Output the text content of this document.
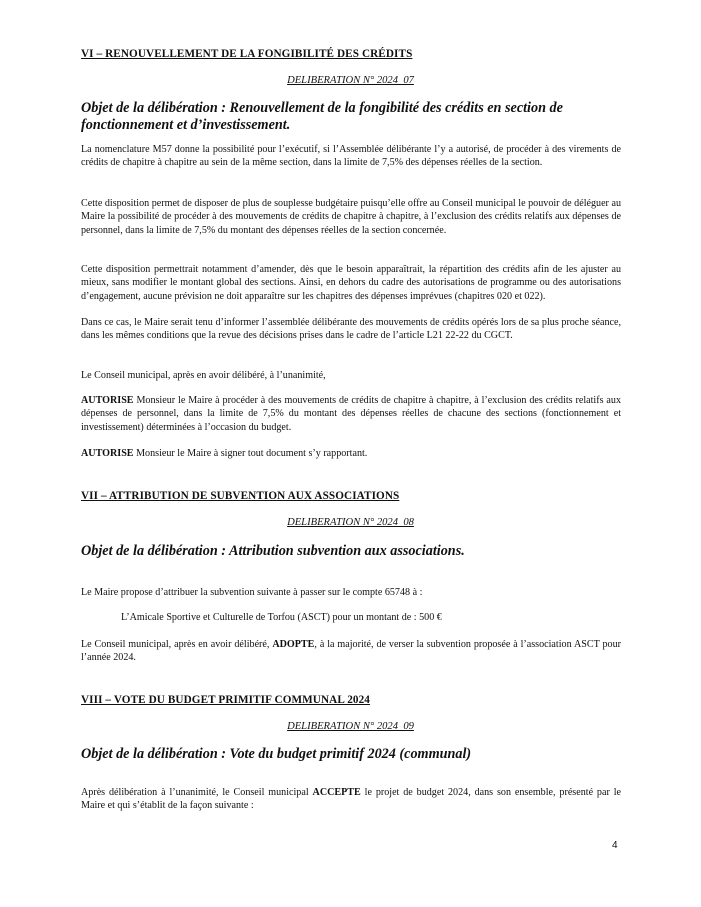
VI – RENOUVELLEMENT DE LA FONGIBILITÉ DES CRÉDITS
DELIBERATION N° 2024_07
Objet de la délibération : Renouvellement de la fongibilité des crédits en section de fonctionnement et d’investissement.
La nomenclature M57 donne la possibilité pour l’exécutif, si l’Assemblée délibérante l’y a autorisé, de procéder à des virements de crédits de chapitre à chapitre au sein de la même section, dans la limite de 7,5% des dépenses réelles de la section.
Cette disposition permet de disposer de plus de souplesse budgétaire puisqu’elle offre au Conseil municipal le pouvoir de déléguer au Maire la possibilité de procéder à des mouvements de crédits de chapitre à chapitre, à l’exclusion des crédits relatifs aux dépenses de personnel, dans la limite de 7,5% du montant des dépenses réelles de la section concernée.
Cette disposition permettrait notamment d’amender, dès que le besoin apparaîtrait, la répartition des crédits afin de les ajuster au mieux, sans modifier le montant global des sections. Ainsi, en dehors du cadre des autorisations de programme ou des autorisations d’engagement, aucune prévision ne doit apparaître sur les chapitres des dépenses imprévues (chapitres 020 et 022).
Dans ce cas, le Maire serait tenu d’informer l’assemblée délibérante des mouvements de crédits opérés lors de sa plus proche séance, dans les mêmes conditions que la revue des décisions prises dans le cadre de l’article L21 22-22 du CGCT.
Le Conseil municipal, après en avoir délibéré, à l’unanimité,
AUTORISE Monsieur le Maire à procéder à des mouvements de crédits de chapitre à chapitre, à l’exclusion des crédits relatifs aux dépenses de personnel, dans la limite de 7,5% du montant des dépenses réelles de chacune des sections (fonctionnement et investissement) déterminées à l’occasion du budget.
AUTORISE Monsieur le Maire à signer tout document s’y rapportant.
VII – ATTRIBUTION DE SUBVENTION AUX ASSOCIATIONS
DELIBERATION N° 2024_08
Objet de la délibération : Attribution subvention aux associations.
Le Maire propose d’attribuer la subvention suivante à passer sur le compte 65748 à :
L’Amicale Sportive et Culturelle de Torfou (ASCT) pour un montant de : 500 €
Le Conseil municipal, après en avoir délibéré, ADOPTE, à la majorité, de verser la subvention proposée à l’association ASCT pour l’année 2024.
VIII – VOTE DU BUDGET PRIMITIF COMMUNAL 2024
DELIBERATION N° 2024_09
Objet de la délibération : Vote du budget primitif 2024 (communal)
Après délibération à l’unanimité, le Conseil municipal ACCEPTE le projet de budget 2024, dans son ensemble, présenté par le Maire et qui s’établit de la façon suivante :
4
